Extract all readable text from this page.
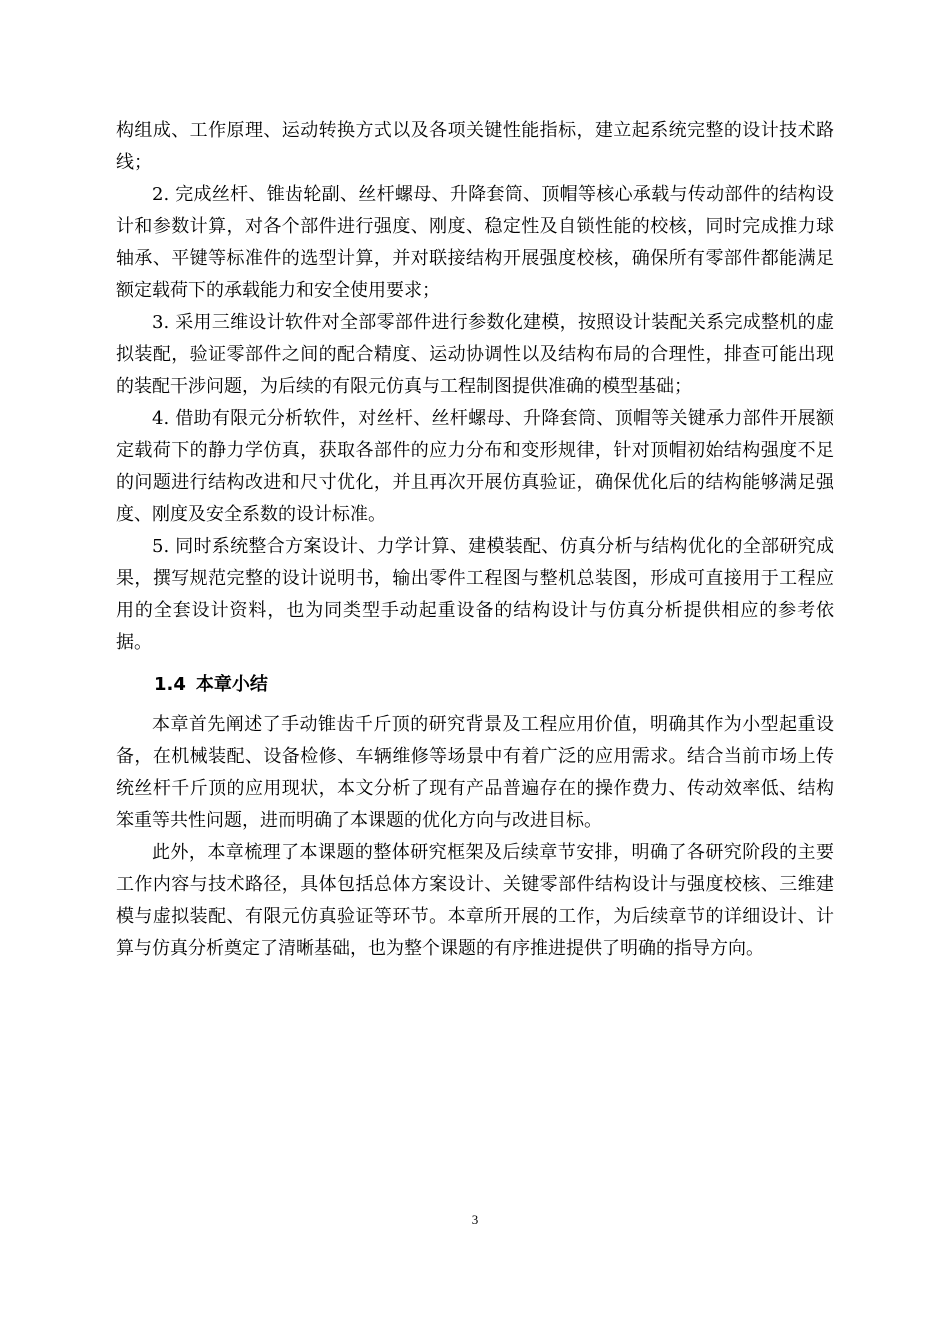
构组成、工作原理、运动转换方式以及各项关键性能指标，建立起系统完整的设计技术路线；

2. 完成丝杆、锥齿轮副、丝杆螺母、升降套筒、顶帽等核心承载与传动部件的结构设计和参数计算，对各个部件进行强度、刚度、稳定性及自锁性能的校核，同时完成推力球轴承、平键等标准件的选型计算，并对联接结构开展强度校核，确保所有零部件都能满足额定载荷下的承载能力和安全使用要求；

3. 采用三维设计软件对全部零部件进行参数化建模，按照设计装配关系完成整机的虚拟装配，验证零部件之间的配合精度、运动协调性以及结构布局的合理性，排查可能出现的装配干涉问题，为后续的有限元仿真与工程制图提供准确的模型基础；

4. 借助有限元分析软件，对丝杆、丝杆螺母、升降套筒、顶帽等关键承力部件开展额定载荷下的静力学仿真，获取各部件的应力分布和变形规律，针对顶帽初始结构强度不足的问题进行结构改进和尺寸优化，并且再次开展仿真验证，确保优化后的结构能够满足强度、刚度及安全系数的设计标准。

5. 同时系统整合方案设计、力学计算、建模装配、仿真分析与结构优化的全部研究成果，撰写规范完整的设计说明书，输出零件工程图与整机总装图，形成可直接用于工程应用的全套设计资料，也为同类型手动起重设备的结构设计与仿真分析提供相应的参考依据。

1.4 本章小结

本章首先阐述了手动锥齿千斤顶的研究背景及工程应用价值，明确其作为小型起重设备，在机械装配、设备检修、车辆维修等场景中有着广泛的应用需求。结合当前市场上传统丝杆千斤顶的应用现状，本文分析了现有产品普遍存在的操作费力、传动效率低、结构笨重等共性问题，进而明确了本课题的优化方向与改进目标。

此外，本章梳理了本课题的整体研究框架及后续章节安排，明确了各研究阶段的主要工作内容与技术路径，具体包括总体方案设计、关键零部件结构设计与强度校核、三维建模与虚拟装配、有限元仿真验证等环节。本章所开展的工作，为后续章节的详细设计、计算与仿真分析奠定了清晰基础，也为整个课题的有序推进提供了明确的指导方向。

3
